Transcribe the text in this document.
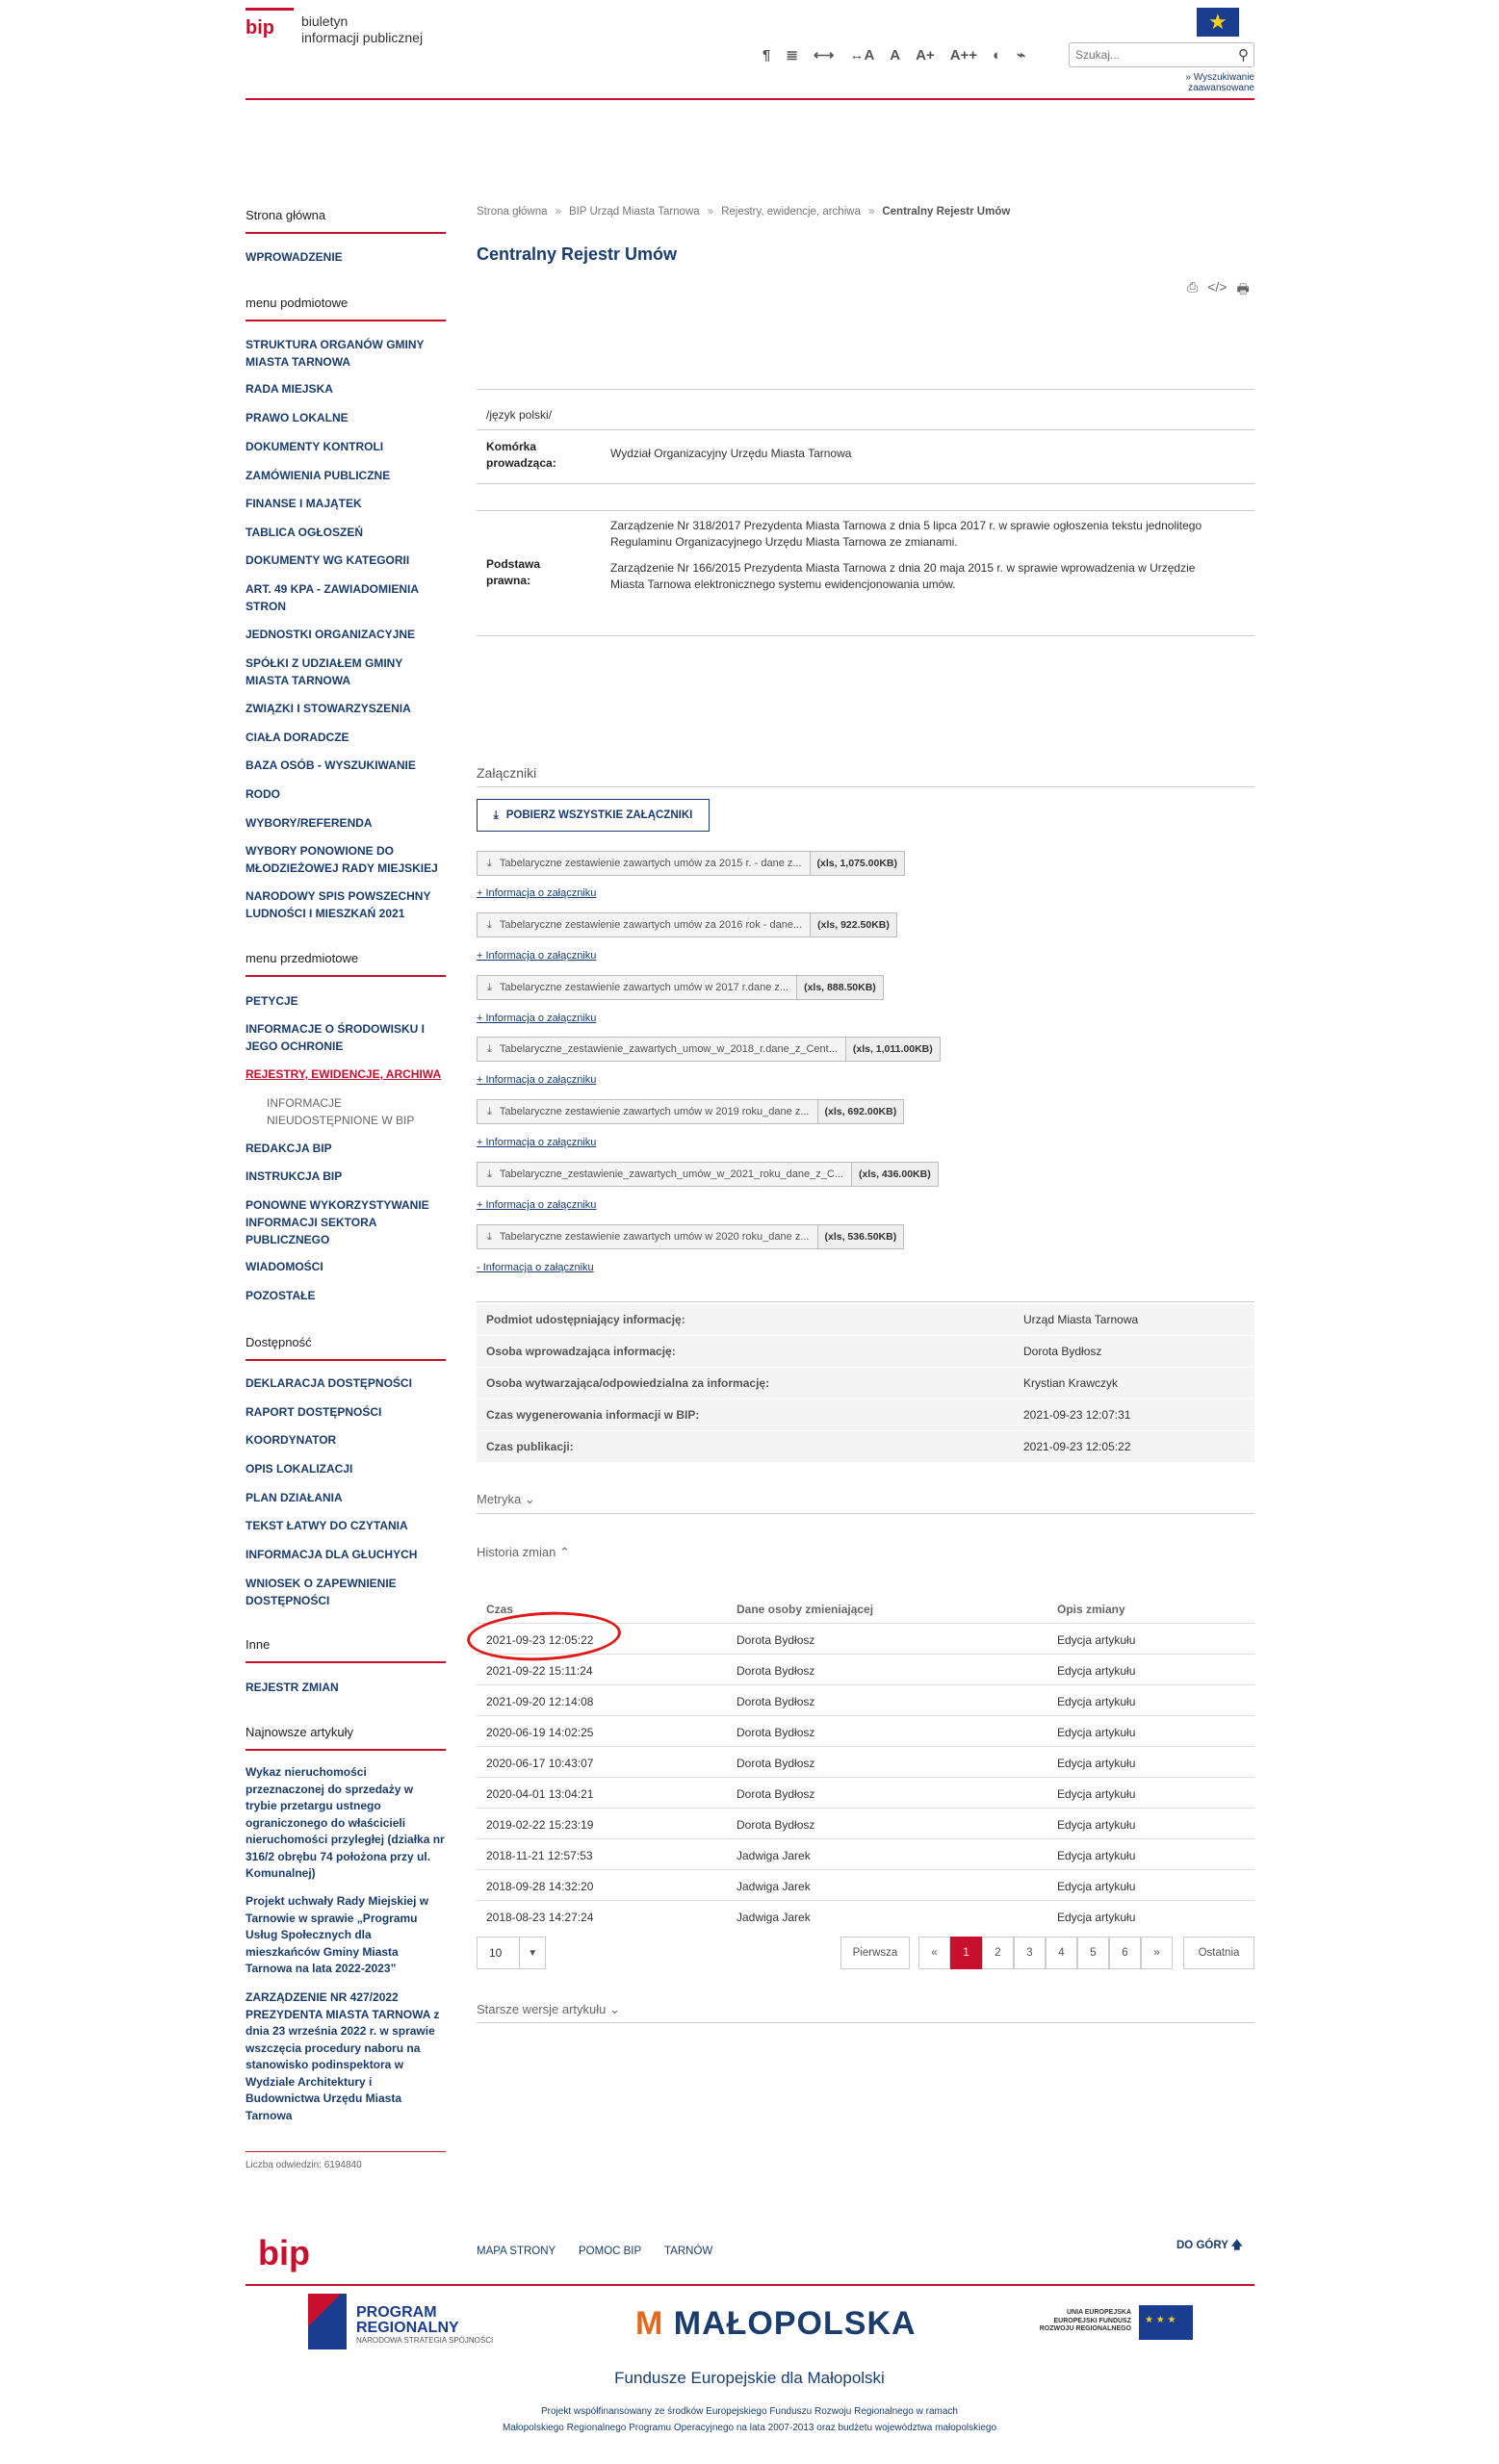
bip biuletyn
informacji publicznej
★
¶ ≣ ⟷ ↔A A A+ A++ ◐ ⌁
Szukaj...	⚲
» Wyszukiwanie zaawansowane
Strona główna
WPROWADZENIE
menu podmiotowe
STRUKTURA ORGANÓW GMINY MIASTA TARNOWA
RADA MIEJSKA
PRAWO LOKALNE
DOKUMENTY KONTROLI
ZAMÓWIENIA PUBLICZNE
FINANSE I MAJĄTEK
TABLICA OGŁOSZEŃ
DOKUMENTY WG KATEGORII
ART. 49 KPA - ZAWIADOMIENIA STRON
JEDNOSTKI ORGANIZACYJNE
SPÓŁKI Z UDZIAŁEM GMINY MIASTA TARNOWA
ZWIĄZKI I STOWARZYSZENIA
CIAŁA DORADCZE
BAZA OSÓB - WYSZUKIWANIE
RODO
WYBORY/REFERENDA
WYBORY PONOWIONE DO MŁODZIEŻOWEJ RADY MIEJSKIEJ
NARODOWY SPIS POWSZECHNY LUDNOŚCI I MIESZKAŃ 2021
menu przedmiotowe
PETYCJE
INFORMACJE O ŚRODOWISKU I JEGO OCHRONIE
REJESTRY, EWIDENCJE, ARCHIWA
INFORMACJE NIEUDOSTĘPNIONE W BIP
REDAKCJA BIP
INSTRUKCJA BIP
PONOWNE WYKORZYSTYWANIE INFORMACJI SEKTORA PUBLICZNEGO
WIADOMOŚCI
POZOSTAŁE
Dostępność
DEKLARACJA DOSTĘPNOŚCI
RAPORT DOSTĘPNOŚCI
KOORDYNATOR
OPIS LOKALIZACJI
PLAN DZIAŁANIA
TEKST ŁATWY DO CZYTANIA
INFORMACJA DLA GŁUCHYCH
WNIOSEK O ZAPEWNIENIE DOSTĘPNOŚCI
Inne
REJESTR ZMIAN
Najnowsze artykuły
Wykaz nieruchomości przeznaczonej do sprzedaży w trybie przetargu ustnego ograniczonego do właścicieli nieruchomości przyległej (działka nr 316/2 obrębu 74 położona przy ul. Komunalnej)
Projekt uchwały Rady Miejskiej w Tarnowie w sprawie „Programu Usług Społecznych dla mieszkańców Gminy Miasta Tarnowa na lata 2022-2023”
ZARZĄDZENIE NR 427/2022 PREZYDENTA MIASTA TARNOWA z dnia 23 września 2022 r. w sprawie wszczęcia procedury naboru na stanowisko podinspektora w Wydziale Architektury i Budownictwa Urzędu Miasta Tarnowa
Liczba odwiedzin: 6194840
Strona główna » BIP Urząd Miasta Tarnowa » Rejestry, ewidencje, archiwa » Centralny Rejestr Umów
Centralny Rejestr Umów
⎙ </> 🖶
/język polski/
Komórka prowadząca:
Wydział Organizacyjny Urzędu Miasta Tarnowa
Podstawa prawna:
Zarządzenie Nr 318/2017 Prezydenta Miasta Tarnowa z dnia 5 lipca 2017 r. w sprawie ogłoszenia tekstu jednolitego Regulaminu Organizacyjnego Urzędu Miasta Tarnowa ze zmianami.
Zarządzenie Nr 166/2015 Prezydenta Miasta Tarnowa z dnia 20 maja 2015 r. w sprawie wprowadzenia w Urzędzie Miasta Tarnowa elektronicznego systemu ewidencjonowania umów.
Załączniki
⤓ POBIERZ WSZYSTKIE ZAŁĄCZNIKI
⤓ Tabelaryczne zestawienie zawartych umów za 2015 r. - dane z...	(xls, 1,075.00KB)
+ Informacja o załączniku
⤓ Tabelaryczne zestawienie zawartych umów za 2016 rok - dane...	(xls, 922.50KB)
+ Informacja o załączniku
⤓ Tabelaryczne zestawienie zawartych umów w 2017 r.dane z...	(xls, 888.50KB)
+ Informacja o załączniku
⤓ Tabelaryczne_zestawienie_zawartych_umow_w_2018_r.dane_z_Cent...	(xls, 1,011.00KB)
+ Informacja o załączniku
⤓ Tabelaryczne zestawienie zawartych umów w 2019 roku_dane z...	(xls, 692.00KB)
+ Informacja o załączniku
⤓ Tabelaryczne_zestawienie_zawartych_umów_w_2021_roku_dane_z_C...	(xls, 436.00KB)
+ Informacja o załączniku
⤓ Tabelaryczne zestawienie zawartych umów w 2020 roku_dane z...	(xls, 536.50KB)
- Informacja o załączniku
Podmiot udostępniający informację:	Urząd Miasta Tarnowa
Osoba wprowadzająca informację:	Dorota Bydłosz
Osoba wytwarzająca/odpowiedzialna za informację:	Krystian Krawczyk
Czas wygenerowania informacji w BIP:	2021-09-23 12:07:31
Czas publikacji:	2021-09-23 12:05:22
Metryka ⌄
Historia zmian ⌃
Czas	Dane osoby zmieniającej	Opis zmiany
2021-09-23 12:05:22	Dorota Bydłosz	Edycja artykułu
2021-09-22 15:11:24	Dorota Bydłosz	Edycja artykułu
2021-09-20 12:14:08	Dorota Bydłosz	Edycja artykułu
2020-06-19 14:02:25	Dorota Bydłosz	Edycja artykułu
2020-06-17 10:43:07	Dorota Bydłosz	Edycja artykułu
2020-04-01 13:04:21	Dorota Bydłosz	Edycja artykułu
2019-02-22 15:23:19	Dorota Bydłosz	Edycja artykułu
2018-11-21 12:57:53	Jadwiga Jarek	Edycja artykułu
2018-09-28 14:32:20	Jadwiga Jarek	Edycja artykułu
2018-08-23 14:27:24	Jadwiga Jarek	Edycja artykułu
10	▼	Pierwsza	«	1	2	3	4	5	6	»	Ostatnia
Starsze wersje artykułu ⌄
bip	MAPA STRONY POMOC BIP TARNÓW	DO GÓRY 🡅
PROGRAM
REGIONALNY
NARODOWA STRATEGIA SPÓJNOŚCI	M MAŁOPOLSKA	UNIA EUROPEJSKA EUROPEJSKI FUNDUSZ ROZWOJU REGIONALNEGO
★ ★ ★
Fundusze Europejskie dla Małopolski
Projekt współfinansowany ze środków Europejskiego Funduszu Rozwoju Regionalnego w ramach
Małopolskiego Regionalnego Programu Operacyjnego na lata 2007-2013 oraz budżetu województwa małopolskiego
